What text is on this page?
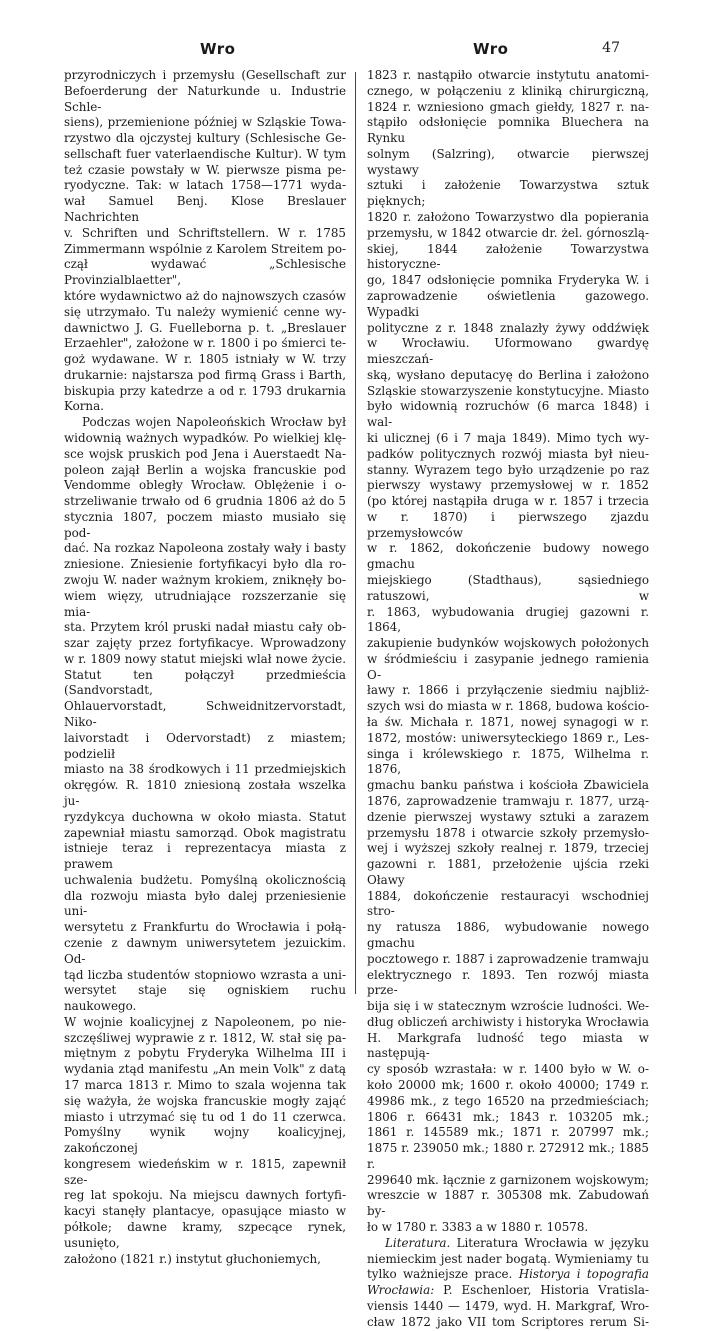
Wro	Wro	47

przyrodniczych i przemysłu (Gesellschaft zur

Befoerderung der Naturkunde u. Industrie Schle-

siens), przemienione później w Szląskie Towa-

rzystwo dla ojczystej kultury (Schlesische Ge-

sellschaft fuer vaterlaendische Kultur). W tym

też czasie powstały w W. pierwsze pisma pe-

ryodyczne. Tak: w latach 1758—1771 wyda-

wał Samuel Benj. Klose Breslauer Nachrichten

v. Schriften und Schriftstellern. W r. 1785

Zimmermann wspólnie z Karolem Streitem po-

czął wydawać „Schlesische Provinzialblaetter",

które wydawnictwo aż do najnowszych czasów

się utrzymało. Tu należy wymienić cenne wy-

dawnictwo J. G. Fuelleborna p. t. „Breslauer

Erzaehler", założone w r. 1800 i po śmierci te-

goż wydawane. W r. 1805 istniały w W. trzy

drukarnie: najstarsza pod firmą Grass i Barth,

biskupia przy katedrze a od r. 1793 drukarnia

Korna.

Podczas wojen Napoleońskich Wrocław był

widownią ważnych wypadków. Po wielkiej klę-

sce wojsk pruskich pod Jena i Auerstaedt Na-

poleon zajął Berlin a wojska francuskie pod

Vendomme obległy Wrocław. Oblężenie i o-

strzeliwanie trwało od 6 grudnia 1806 aż do 5

stycznia 1807, poczem miasto musiało się pod-

dać. Na rozkaz Napoleona zostały wały i basty

zniesione. Zniesienie fortyfikacyi było dla ro-

zwoju W. nader ważnym krokiem, zniknęły bo-

wiem więzy, utrudniające rozszerzanie się mia-

sta. Przytem król pruski nadał miastu cały ob-

szar zajęty przez fortyfikacye. Wprowadzony

w r. 1809 nowy statut miejski wlał nowe życie.

Statut ten połączył przedmieścia (Sandvorstadt,

Ohlauervorstadt, Schweidnitzervorstadt, Niko-

laivorstadt i Odervorstadt) z miastem; podzielił

miasto na 38 środkowych i 11 przedmiejskich

okręgów. R. 1810 zniesioną została wszelka ju-

ryzdykcya duchowna w około miasta. Statut

zapewniał miastu samorząd. Obok magistratu

istnieje teraz i reprezentacya miasta z prawem

uchwalenia budżetu. Pomyślną okolicznością

dla rozwoju miasta było dalej przeniesienie uni-

wersytetu z Frankfurtu do Wrocławia i połą-

czenie z dawnym uniwersytetem jezuickim. Od-

tąd liczba studentów stopniowo wzrasta a uni-

wersytet staje się ogniskiem ruchu naukowego.

W wojnie koalicyjnej z Napoleonem, po nie-

szczęśliwej wyprawie z r. 1812, W. stał się pa-

miętnym z pobytu Fryderyka Wilhelma III i

wydania ztąd manifestu „An mein Volk" z datą

17 marca 1813 r. Mimo to szala wojenna tak

się ważyła, że wojska francuskie mogły zająć

miasto i utrzymać się tu od 1 do 11 czerwca.

Pomyślny wynik wojny koalicyjnej, zakończonej

kongresem wiedeńskim w r. 1815, zapewnił sze-

reg lat spokoju. Na miejscu dawnych fortyfi-

kacyi stanęły plantacye, opasujące miasto w

półkole; dawne kramy, szpecące rynek, usunięto,

założono (1821 r.) instytut głuchoniemych,

1823 r. nastąpiło otwarcie instytutu anatomi-

cznego, w połączeniu z kliniką chirurgiczną,

1824 r. wzniesiono gmach giełdy, 1827 r. na-

stąpiło odsłonięcie pomnika Bluechera na Rynku

solnym (Salzring), otwarcie pierwszej wystawy

sztuki i założenie Towarzystwa sztuk pięknych;

1820 r. założono Towarzystwo dla popierania

przemysłu, w 1842 otwarcie dr. żel. górnoszlą-

skiej, 1844 założenie Towarzystwa historyczne-

go, 1847 odsłonięcie pomnika Fryderyka W. i

zaprowadzenie oświetlenia gazowego. Wypadki

polityczne z r. 1848 znalazły żywy oddźwięk

w Wrocławiu. Uformowano gwardyę mieszczań-

ską, wysłano deputacyę do Berlina i założono

Szląskie stowarzyszenie konstytucyjne. Miasto

było widownią rozruchów (6 marca 1848) i wal-

ki ulicznej (6 i 7 maja 1849). Mimo tych wy-

padków politycznych rozwój miasta był nieu-

stanny. Wyrazem tego było urządzenie po raz

pierwszy wystawy przemysłowej w r. 1852

(po której nastąpiła druga w r. 1857 i trzecia

w r. 1870) i pierwszego zjazdu przemysłowców

w r. 1862, dokończenie budowy nowego gmachu

miejskiego (Stadthaus), sąsiedniego ratuszowi, w

r. 1863, wybudowania drugiej gazowni r. 1864,

zakupienie budynków wojskowych położonych

w śródmieściu i zasypanie jednego ramienia O-

ławy r. 1866 i przyłączenie siedmiu najbliż-

szych wsi do miasta w r. 1868, budowa kościo-

ła św. Michała r. 1871, nowej synagogi w r.

1872, mostów: uniwersyteckiego 1869 r., Les-

singa i królewskiego r. 1875, Wilhelma r. 1876,

gmachu banku państwa i kościoła Zbawiciela

1876, zaprowadzenie tramwaju r. 1877, urzą-

dzenie pierwszej wystawy sztuki a zarazem

przemysłu 1878 i otwarcie szkoły przemysło-

wej i wyższej szkoły realnej r. 1879, trzeciej

gazowni r. 1881, przełożenie ujścia rzeki Oławy

1884, dokończenie restauracyi wschodniej stro-

ny ratusza 1886, wybudowanie nowego gmachu

pocztowego r. 1887 i zaprowadzenie tramwaju

elektrycznego r. 1893. Ten rozwój miasta prze-

bija się i w statecznym wzroście ludności. We-

dług obliczeń archiwisty i historyka Wrocławia

H. Markgrafa ludność tego miasta w następują-

cy sposób wzrastała: w r. 1400 było w W. o-

koło 20000 mk; 1600 r. około 40000; 1749 r.

49986 mk., z tego 16520 na przedmieściach;

1806 r. 66431 mk.; 1843 r. 103205 mk.;

1861 r. 145589 mk.; 1871 r. 207997 mk.;

1875 r. 239050 mk.; 1880 r. 272912 mk.; 1885 r.

299640 mk. łącznie z garnizonem wojskowym;

wreszcie w 1887 r. 305308 mk. Zabudowań by-

ło w 1780 r. 3383 a w 1880 r. 10578.

Literatura. Literatura Wrocławia w języku

niemieckim jest nader bogatą. Wymieniamy tu

tylko ważniejsze prace. Historya i topografia

Wrocławia: P. Eschenloer, Historia Vratisla-

viensis 1440 — 1479, wyd. H. Markgraf, Wro-

cław 1872 jako VII tom Scriptores rerum Si-
